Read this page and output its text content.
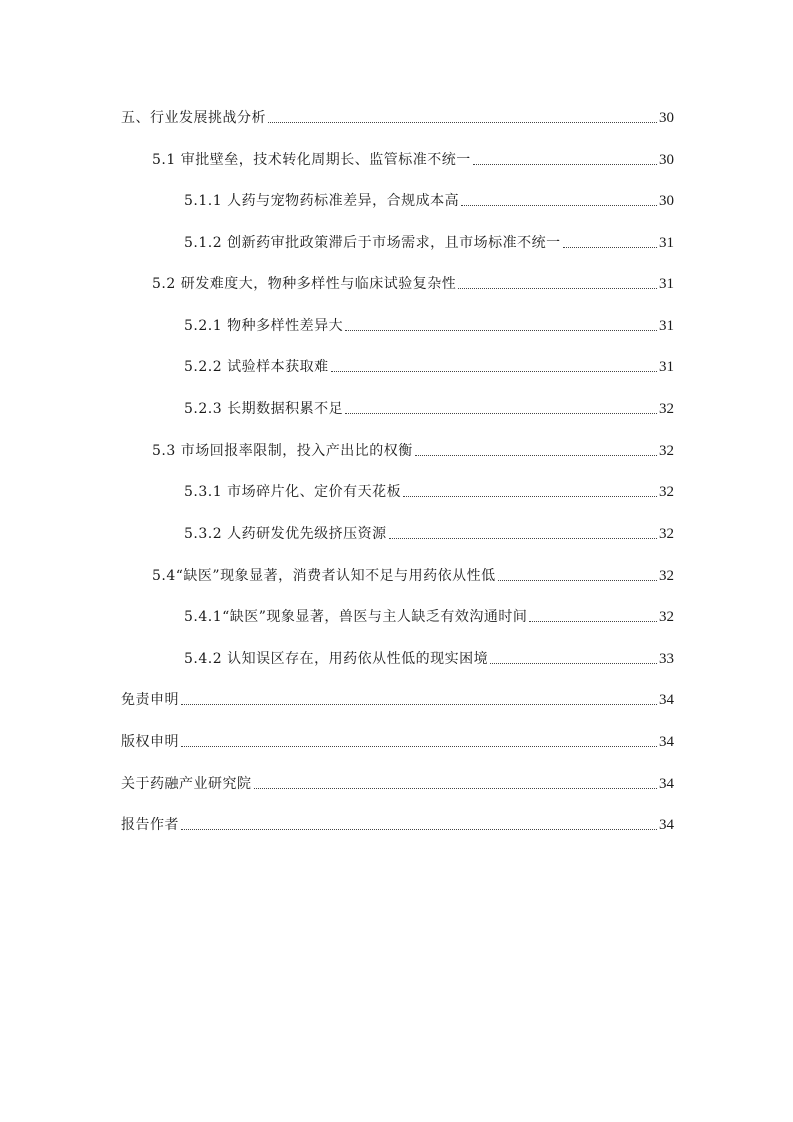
五、行业发展挑战分析	30
5.1 审批壁垒，技术转化周期长、监管标准不统一	30
5.1.1 人药与宠物药标准差异，合规成本高	30
5.1.2 创新药审批政策滞后于市场需求，且市场标准不统一	31
5.2 研发难度大，物种多样性与临床试验复杂性	31
5.2.1 物种多样性差异大	31
5.2.2 试验样本获取难	31
5.2.3 长期数据积累不足	32
5.3 市场回报率限制，投入产出比的权衡	32
5.3.1 市场碎片化、定价有天花板	32
5.3.2 人药研发优先级挤压资源	32
5.4“缺医”现象显著，消费者认知不足与用药依从性低	32
5.4.1“缺医”现象显著，兽医与主人缺乏有效沟通时间	32
5.4.2 认知误区存在，用药依从性低的现实困境	33
免责申明	34
版权申明	34
关于药融产业研究院	34
报告作者	34
